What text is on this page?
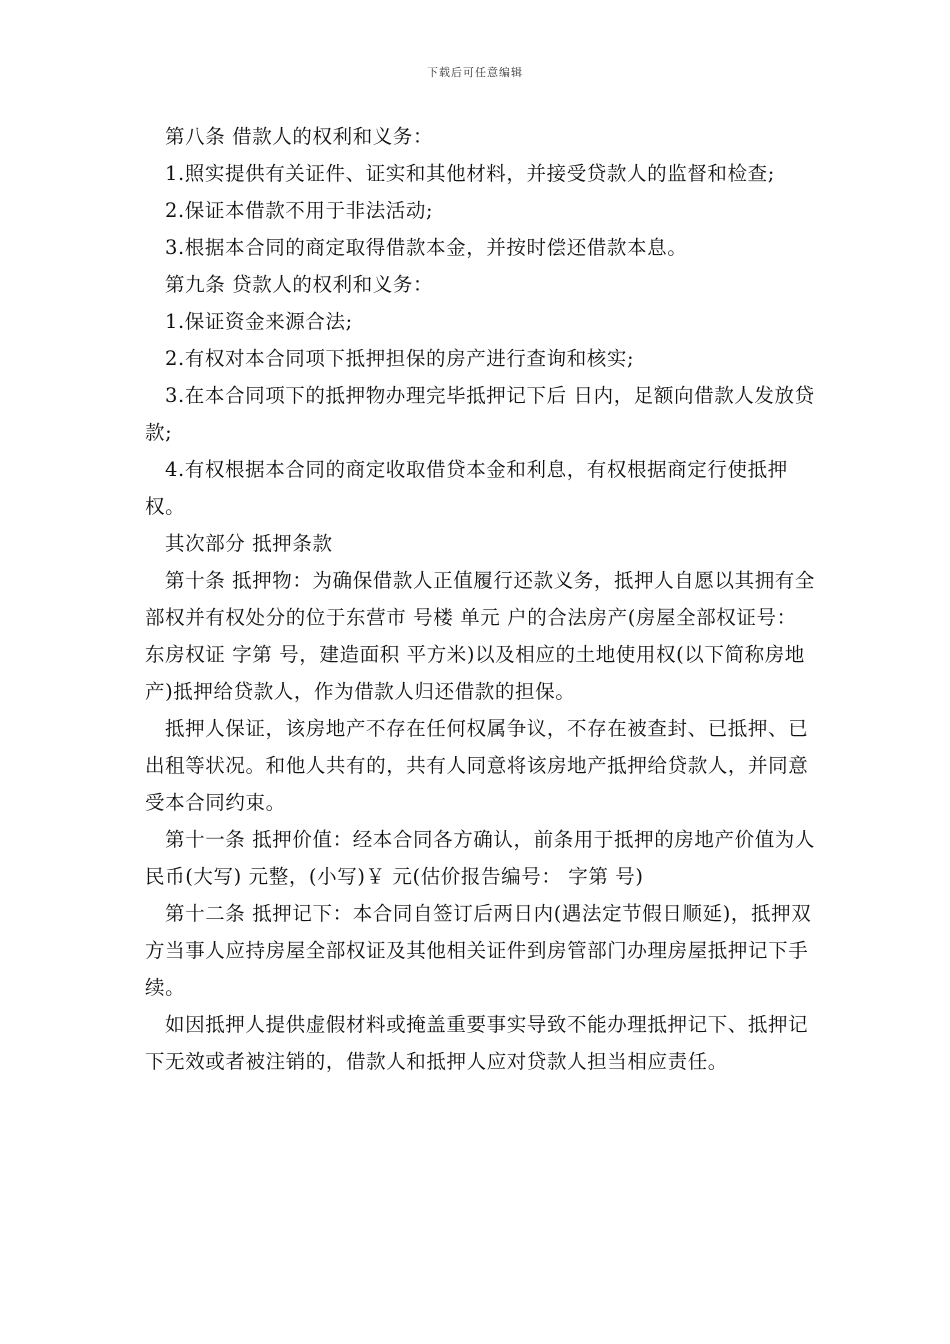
下载后可任意编辑

第八条 借款人的权利和义务：

1.照实提供有关证件、证实和其他材料，并接受贷款人的监督和检查;

2.保证本借款不用于非法活动;

3.根据本合同的商定取得借款本金，并按时偿还借款本息。

第九条 贷款人的权利和义务：

1.保证资金来源合法;

2.有权对本合同项下抵押担保的房产进行查询和核实;

3.在本合同项下的抵押物办理完毕抵押记下后 日内，足额向借款人发放贷款;

4.有权根据本合同的商定收取借贷本金和利息，有权根据商定行使抵押权。

其次部分 抵押条款

第十条 抵押物：为确保借款人正值履行还款义务，抵押人自愿以其拥有全部权并有权处分的位于东营市 号楼 单元 户的合法房产(房屋全部权证号：东房权证 字第 号，建造面积 平方米)以及相应的土地使用权(以下简称房地产)抵押给贷款人，作为借款人归还借款的担保。

抵押人保证，该房地产不存在任何权属争议，不存在被查封、已抵押、已出租等状况。和他人共有的，共有人同意将该房地产抵押给贷款人，并同意受本合同约束。

第十一条 抵押价值：经本合同各方确认，前条用于抵押的房地产价值为人民币(大写) 元整，(小写)￥ 元(估价报告编号： 字第 号)

第十二条 抵押记下：本合同自签订后两日内(遇法定节假日顺延)，抵押双方当事人应持房屋全部权证及其他相关证件到房管部门办理房屋抵押记下手续。

如因抵押人提供虚假材料或掩盖重要事实导致不能办理抵押记下、抵押记下无效或者被注销的，借款人和抵押人应对贷款人担当相应责任。
